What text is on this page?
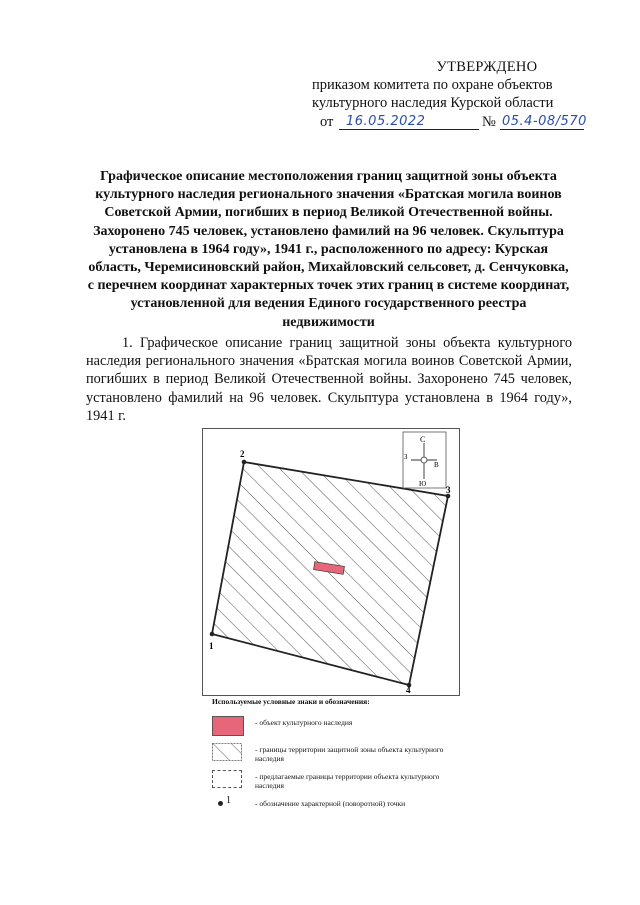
УТВЕРЖДЕНО
приказом комитета по охране объектов
культурного наследия Курской области
от 16.05.2022	№ 05.4-08/570
Графическое описание местоположения границ защитной зоны объекта культурного наследия регионального значения «Братская могила воинов Советской Армии, погибших в период Великой Отечественной войны. Захоронено 745 человек, установлено фамилий на 96 человек. Скульптура установлена в 1964 году», 1941 г., расположенного по адресу: Курская область, Черемисиновский район, Михайловский сельсовет, д. Сенчуковка, с перечнем координат характерных точек этих границ в системе координат, установленной для ведения Единого государственного реестра недвижимости
1. Графическое описание границ защитной зоны объекта культурного наследия регионального значения «Братская могила воинов Советской Армии, погибших в период Великой Отечественной войны. Захоронено 745 человек, установлено фамилий на 96 человек. Скульптура установлена в 1964 году», 1941 г.
1
2
3
4
С
Ю
З
В
Используемые условные знаки и обозначения:
- объект культурного наследия
- границы территории защитной зоны объекта культурного наследия
- предлагаемые границы территории объекта культурного наследия
1	- обозначение характерной (поворотной) точки
